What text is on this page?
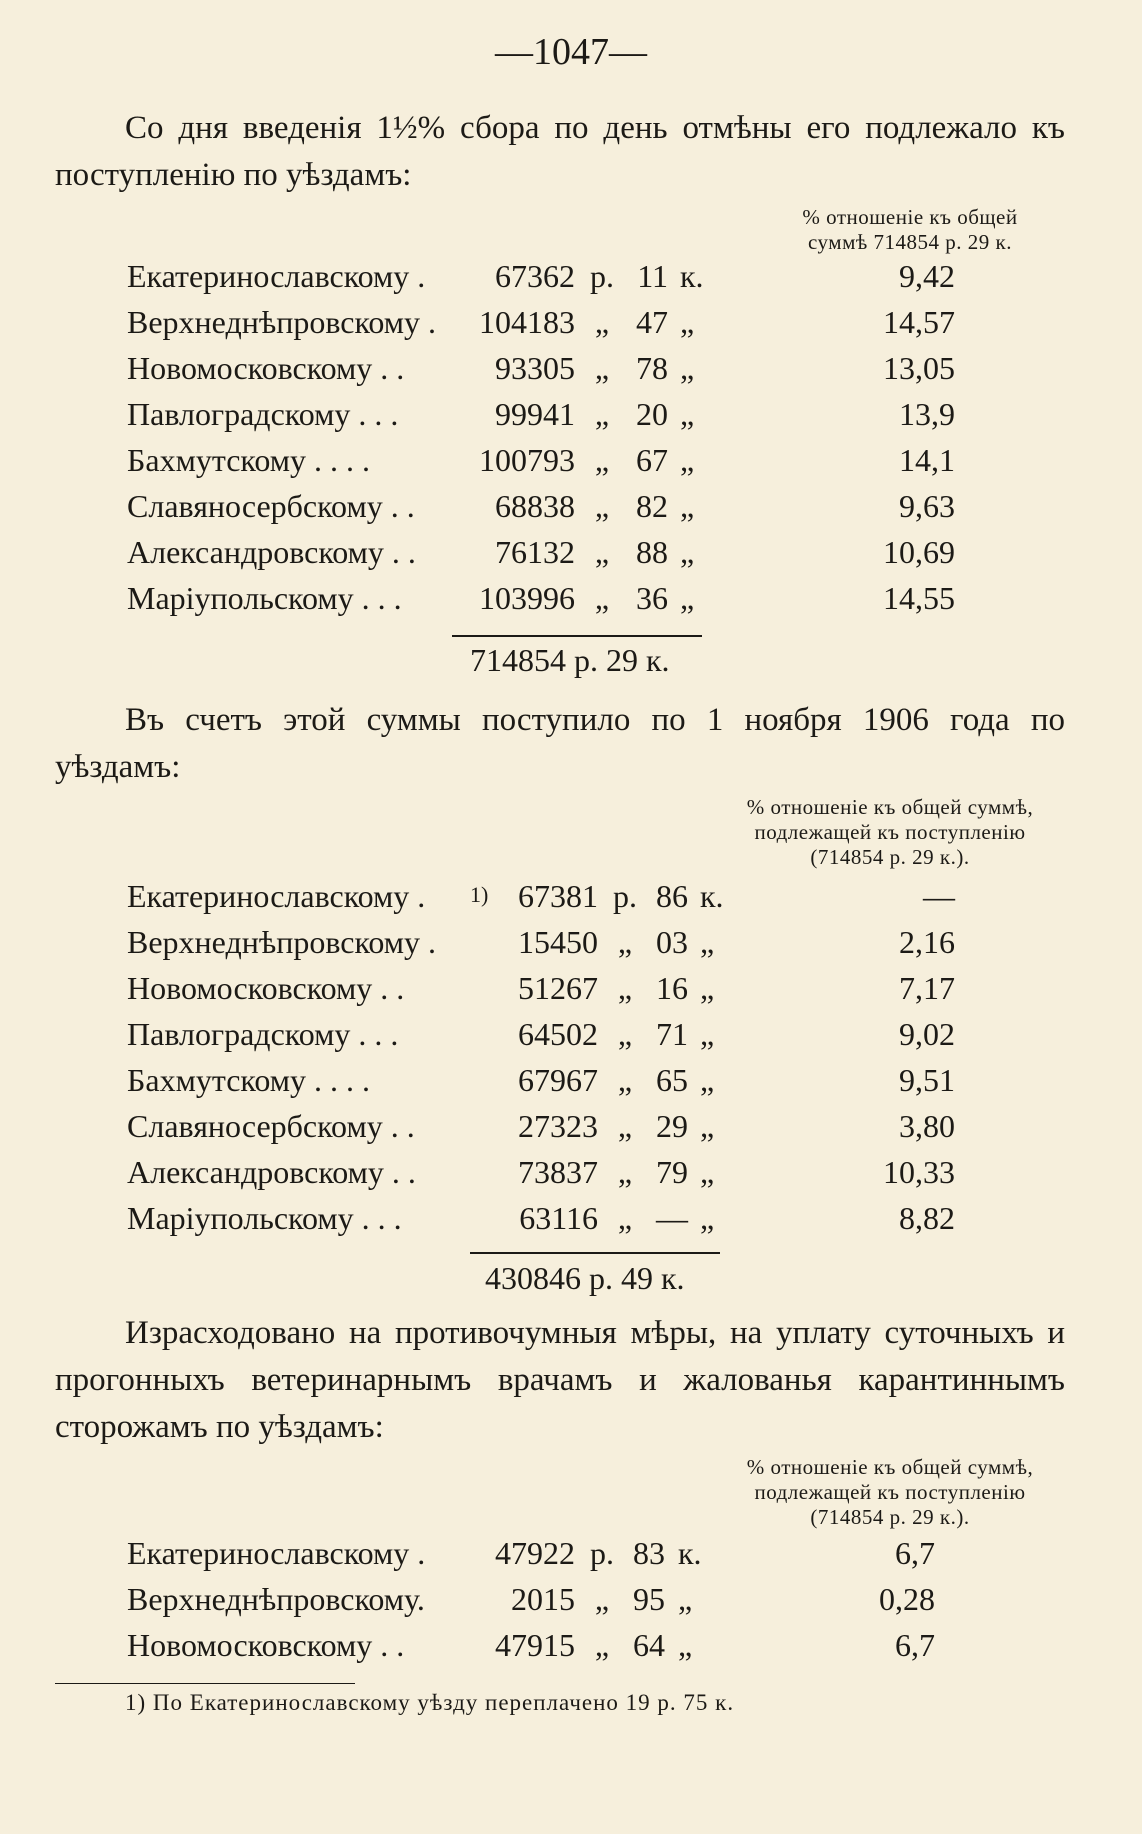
—1047—
Со дня введенія 1½% сбора по день отмѣны его подлежало къ поступленію по уѣздамъ:
% отношеніе къ общей
суммѣ 714854 р. 29 к.
Екатеринославскому .	67362 р. 11 к.	9,42
Верхнеднѣпровскому .	104183 „ 47 „	14,57
Новомосковскому . .	93305 „ 78 „	13,05
Павлоградскому . . .	99941 „ 20 „	13,9
Бахмутскому . . . .	100793 „ 67 „	14,1
Славяносербскому . .	68838 „ 82 „	9,63
Александровскому . .	76132 „ 88 „	10,69
Маріупольскому . . .	103996 „ 36 „	14,55
714854 р. 29 к.
Въ счетъ этой суммы поступило по 1 ноября 1906 года по уѣздамъ:
% отношеніе къ общей суммѣ,
подлежащей къ поступленію
(714854 р. 29 к.).
Екатеринославскому . 1) 67381 р. 86 к.	—
Верхнеднѣпровскому .	15450 „ 03 „	2,16
Новомосковскому . .	51267 „ 16 „	7,17
Павлоградскому . . .	64502 „ 71 „	9,02
Бахмутскому . . . .	67967 „ 65 „	9,51
Славяносербскому . .	27323 „ 29 „	3,80
Александровскому . .	73837 „ 79 „	10,33
Маріупольскому . . .	63116 „ — „	8,82
430846 р. 49 к.
Израсходовано на противочумныя мѣры, на уплату суточныхъ и прогонныхъ ветеринарнымъ врачамъ и жалованья карантиннымъ сторожамъ по уѣздамъ:
% отношеніе къ общей суммѣ,
подлежащей къ поступленію
(714854 р. 29 к.).
Екатеринославскому .	47922 р. 83 к.	6,7
Верхнеднѣпровскому.	2015 „ 95 „	0,28
Новомосковскому . .	47915 „ 64 „	6,7
1) По Екатеринославскому уѣзду переплачено 19 р. 75 к.
